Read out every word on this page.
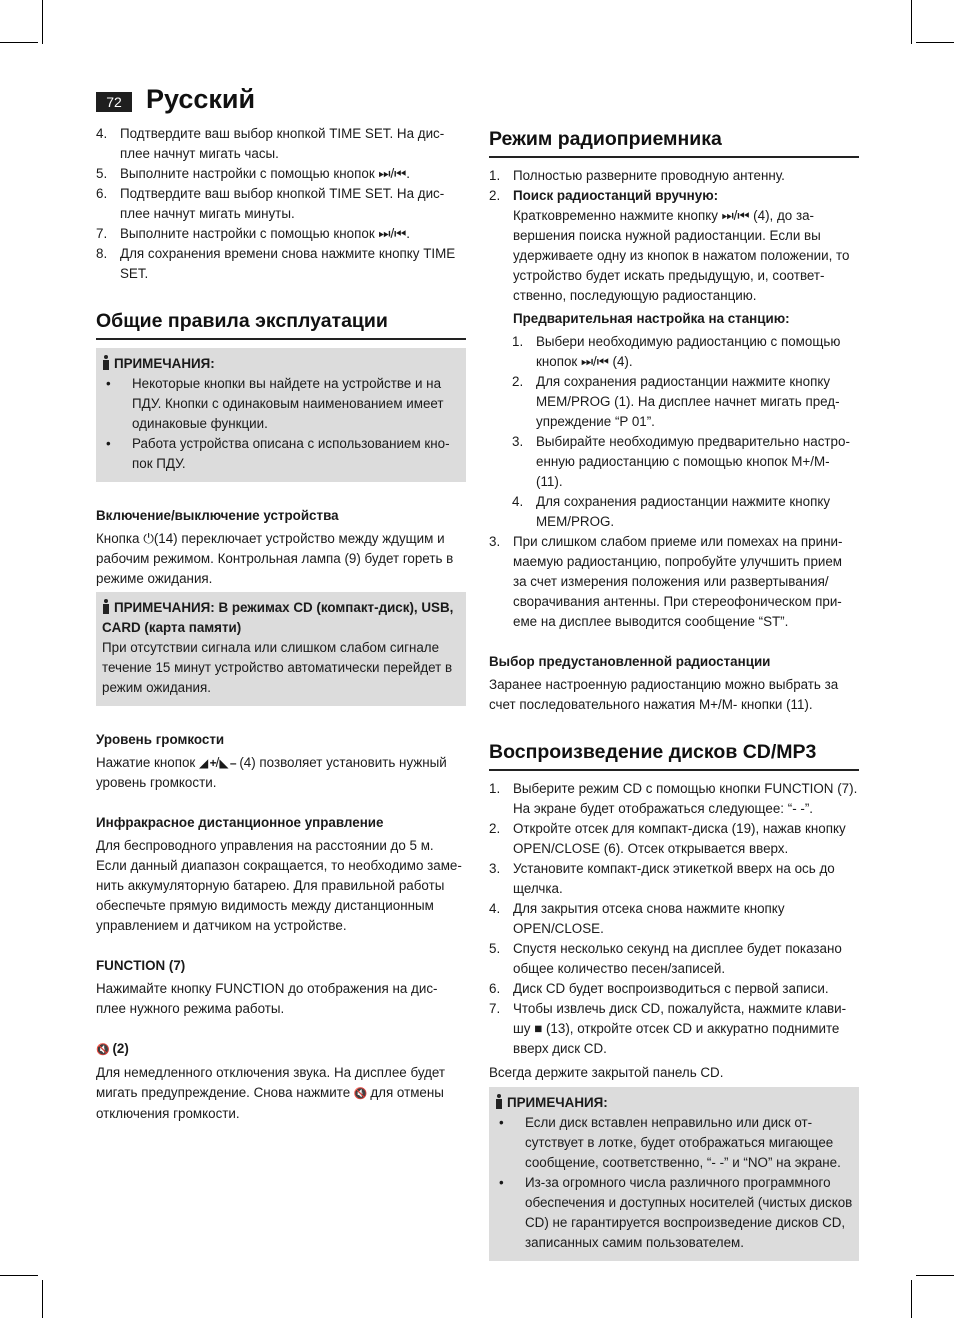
72 Русский
4. Подтвердите ваш выбор кнопкой TIME SET. На дис-плее начнут мигать часы.
5. Выполните настройки с помощью кнопок ⏭/⏮.
6. Подтвердите ваш выбор кнопкой TIME SET. На дис-плее начнут мигать минуты.
7. Выполните настройки с помощью кнопок ⏭/⏮.
8. Для сохранения времени снова нажмите кнопку TIME SET.
Общие правила эксплуатации
ПРИМЕЧАНИЯ:
• Некоторые кнопки вы найдете на устройстве и на ПДУ. Кнопки с одинаковым наименованием имеет одинаковые функции.
• Работа устройства описана с использованием кно-пок ПДУ.
Включение/выключение устройства

Кнопка ⏻(14) переключает устройство между ждущим и рабочим режимом. Контрольная лампа (9) будет гореть в режиме ожидания.

ПРИМЕЧАНИЯ: В режимах CD (компакт-диск), USB, CARD (карта памяти)

При отсутствии сигнала или слишком слабом сигнале течение 15 минут устройство автоматически перейдет в режим ожидания.

Уровень громкости

Нажатие кнопок ◢ +/◣ – (4) позволяет установить нужный уровень громкости.

Инфракрасное дистанционное управление

Для беспроводного управления на расстоянии до 5 м. Если данный диапазон сокращается, то необходимо заме-нить аккумуляторную батарею. Для правильной работы обеспечьте прямую видимость между дистанционным управлением и датчиком на устройстве.

FUNCTION (7)

Нажимайте кнопку FUNCTION до отображения на дис-плее нужного режима работы.

🔇 (2)

Для немедленного отключения звука. На дисплее будет мигать предупреждение. Снова нажмите 🔇 для отмены отключения громкости.

Режим радиоприемника
1. Полностью разверните проводную антенну.
2. Поиск радиостанций вручную:
Кратковременно нажмите кнопку ⏭/⏮ (4), до за-вершения поиска нужной радиостанции. Если вы удерживаете одну из кнопок в нажатом положении, то устройство будет искать предыдущую, и, соответ-ственно, последующую радиостанцию.
Предварительная настройка на станцию:
1. Выбери необходимую радиостанцию с помощью кнопок ⏭/⏮ (4).
2. Для сохранения радиостанции нажмите кнопку MEM/PROG (1). На дисплее начнет мигать пред-упреждение “P 01”.
3. Выбирайте необходимую предварительно настро-енную радиостанцию с помощью кнопок M+/M- (11).
4. Для сохранения радиостанции нажмите кнопку MEM/PROG.
3. При слишком слабом приеме или помехах на прини-маемую радиостанцию, попробуйте улучшить прием за счет измерения положения или развертывания/сворачивания антенны. При стереофоническом при-еме на дисплее выводится сообщение “ST”.
Выбор предустановленной радиостанции

Заранее настроенную радиостанцию можно выбрать за счет последовательного нажатия M+/M- кнопки (11).

Воспроизведение дисков CD/MP3
1. Выберите режим CD с помощью кнопки FUNCTION (7). На экране будет отображаться следующее: “- -”.
2. Откройте отсек для компакт-диска (19), нажав кнопку OPEN/CLOSE (6). Отсек открывается вверх.
3. Установите компакт-диск этикеткой вверх на ось до щелчка.
4. Для закрытия отсека снова нажмите кнопку OPEN/CLOSE.
5. Спустя несколько секунд на дисплее будет показано общее количество песен/записей.
6. Диск CD будет воспроизводиться с первой записи.
7. Чтобы извлечь диск CD, пожалуйста, нажмите клави-шу ■ (13), откройте отсек CD и аккуратно поднимите вверх диск CD.

Всегда держите закрытой панель CD.

ПРИМЕЧАНИЯ:
• Если диск вставлен неправильно или диск от-сутствует в лотке, будет отображаться мигающее сообщение, соответственно, “- -” и “NO” на экране.
• Из-за огромного числа различного программного обеспечения и доступных носителей (чистых дисков CD) не гарантируется воспроизведение дисков CD, записанных самим пользователем.
